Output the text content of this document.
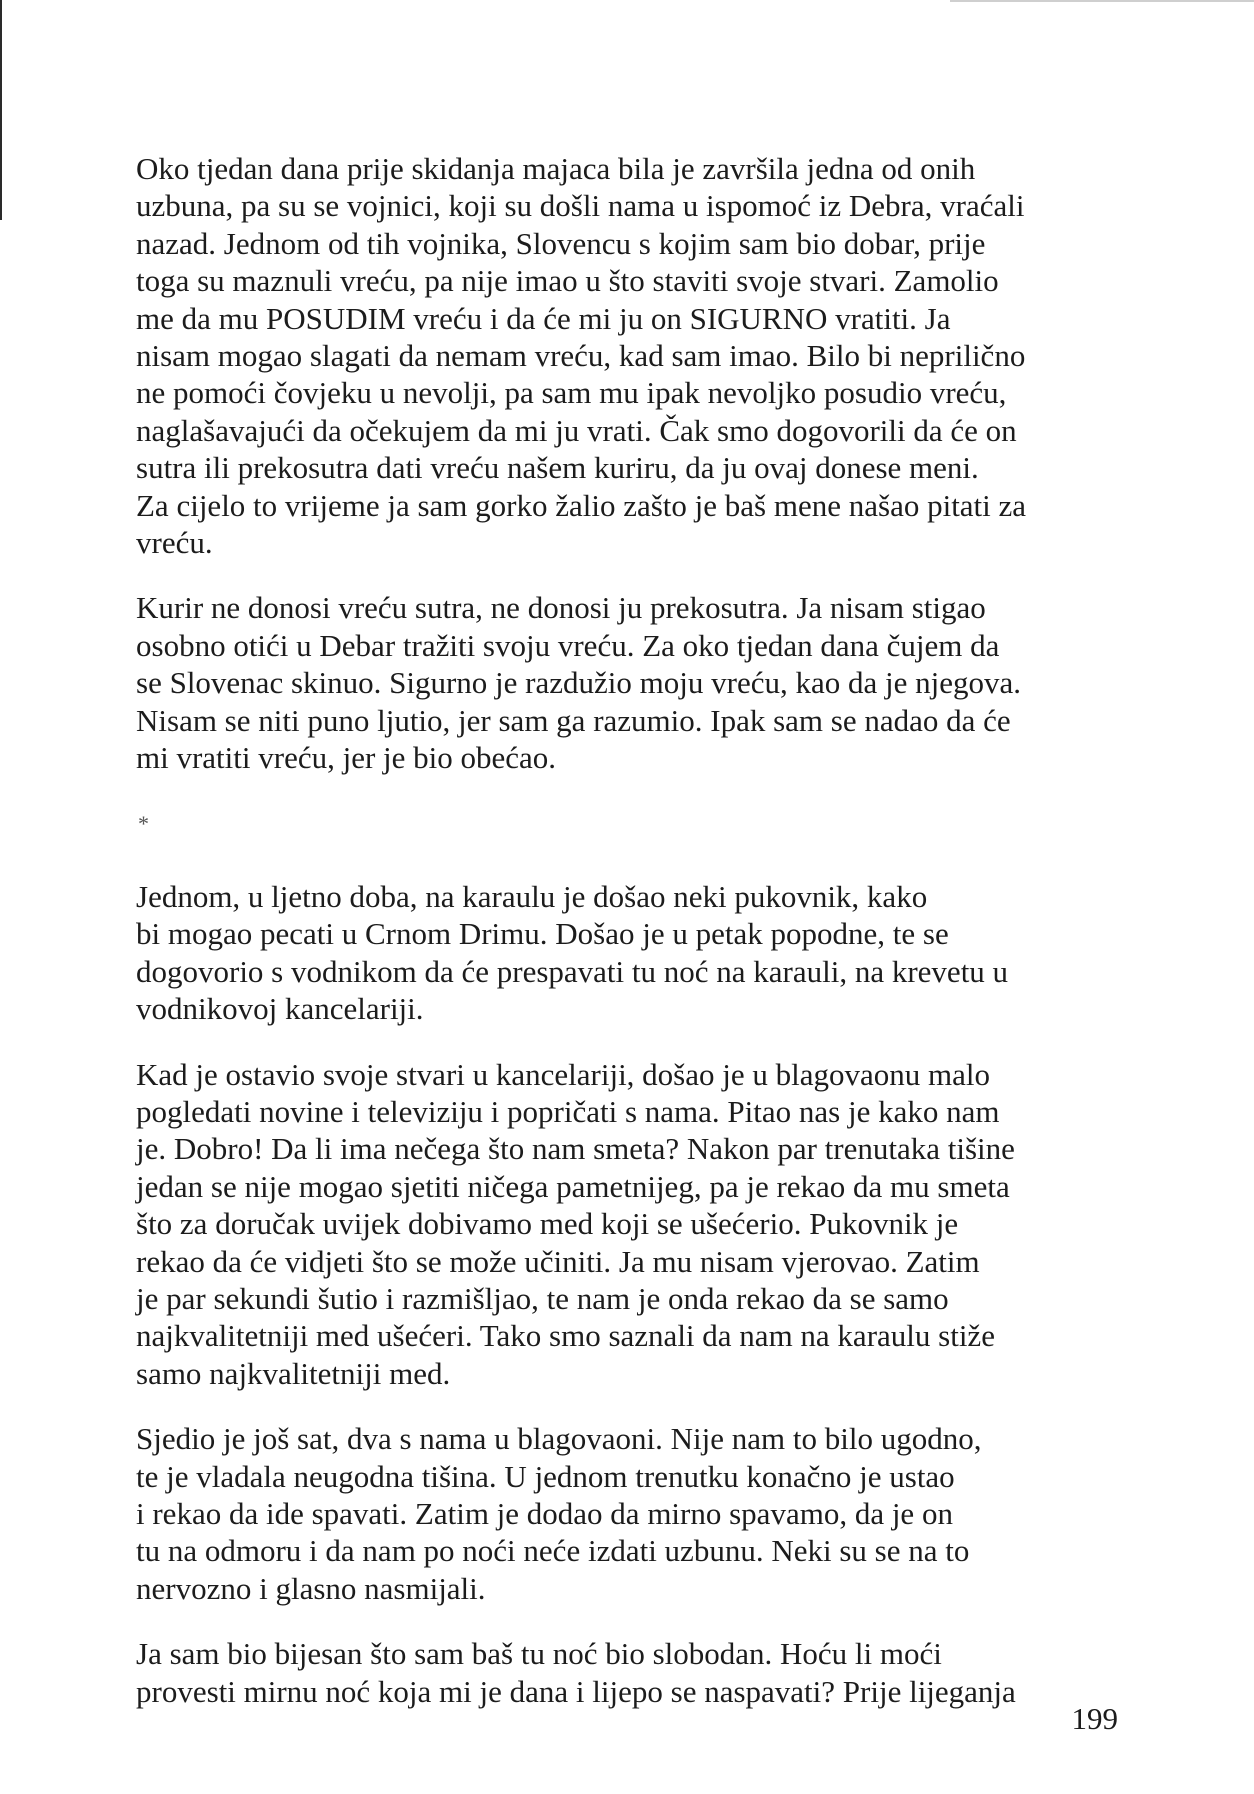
Oko tjedan dana prije skidanja majaca bila je završila jedna od onih
uzbuna, pa su se vojnici, koji su došli nama u ispomoć iz Debra, vraćali
nazad. Jednom od tih vojnika, Slovencu s kojim sam bio dobar, prije
toga su maznuli vreću, pa nije imao u što staviti svoje stvari. Zamolio
me da mu POSUDIM vreću i da će mi ju on SIGURNO vratiti. Ja
nisam mogao slagati da nemam vreću, kad sam imao. Bilo bi neprilično
ne pomoći čovjeku u nevolji, pa sam mu ipak nevoljko posudio vreću,
naglašavajući da očekujem da mi ju vrati. Čak smo dogovorili da će on
sutra ili prekosutra dati vreću našem kuriru, da ju ovaj donese meni.
Za cijelo to vrijeme ja sam gorko žalio zašto je baš mene našao pitati za
vreću.

Kurir ne donosi vreću sutra, ne donosi ju prekosutra. Ja nisam stigao
osobno otići u Debar tražiti svoju vreću. Za oko tjedan dana čujem da
se Slovenac skinuo. Sigurno je razdužio moju vreću, kao da je njegova.
Nisam se niti puno ljutio, jer sam ga razumio. Ipak sam se nadao da će
mi vratiti vreću, jer je bio obećao.

*

Jednom, u ljetno doba, na karaulu je došao neki pukovnik, kako
bi mogao pecati u Crnom Drimu. Došao je u petak popodne, te se
dogovorio s vodnikom da će prespavati tu noć na karauli, na krevetu u
vodnikovoj kancelariji.

Kad je ostavio svoje stvari u kancelariji, došao je u blagovaonu malo
pogledati novine i televiziju i popričati s nama. Pitao nas je kako nam
je. Dobro! Da li ima nečega što nam smeta? Nakon par trenutaka tišine
jedan se nije mogao sjetiti ničega pametnijeg, pa je rekao da mu smeta
što za doručak uvijek dobivamo med koji se ušećerio. Pukovnik je
rekao da će vidjeti što se može učiniti. Ja mu nisam vjerovao. Zatim
je par sekundi šutio i razmišljao, te nam je onda rekao da se samo
najkvalitetniji med ušećeri. Tako smo saznali da nam na karaulu stiže
samo najkvalitetniji med.

Sjedio je još sat, dva s nama u blagovaoni. Nije nam to bilo ugodno,
te je vladala neugodna tišina. U jednom trenutku konačno je ustao
i rekao da ide spavati. Zatim je dodao da mirno spavamo, da je on
tu na odmoru i da nam po noći neće izdati uzbunu. Neki su se na to
nervozno i glasno nasmijali.

Ja sam bio bijesan što sam baš tu noć bio slobodan. Hoću li moći
provesti mirnu noć koja mi je dana i lijepo se naspavati? Prije lijeganja

199
